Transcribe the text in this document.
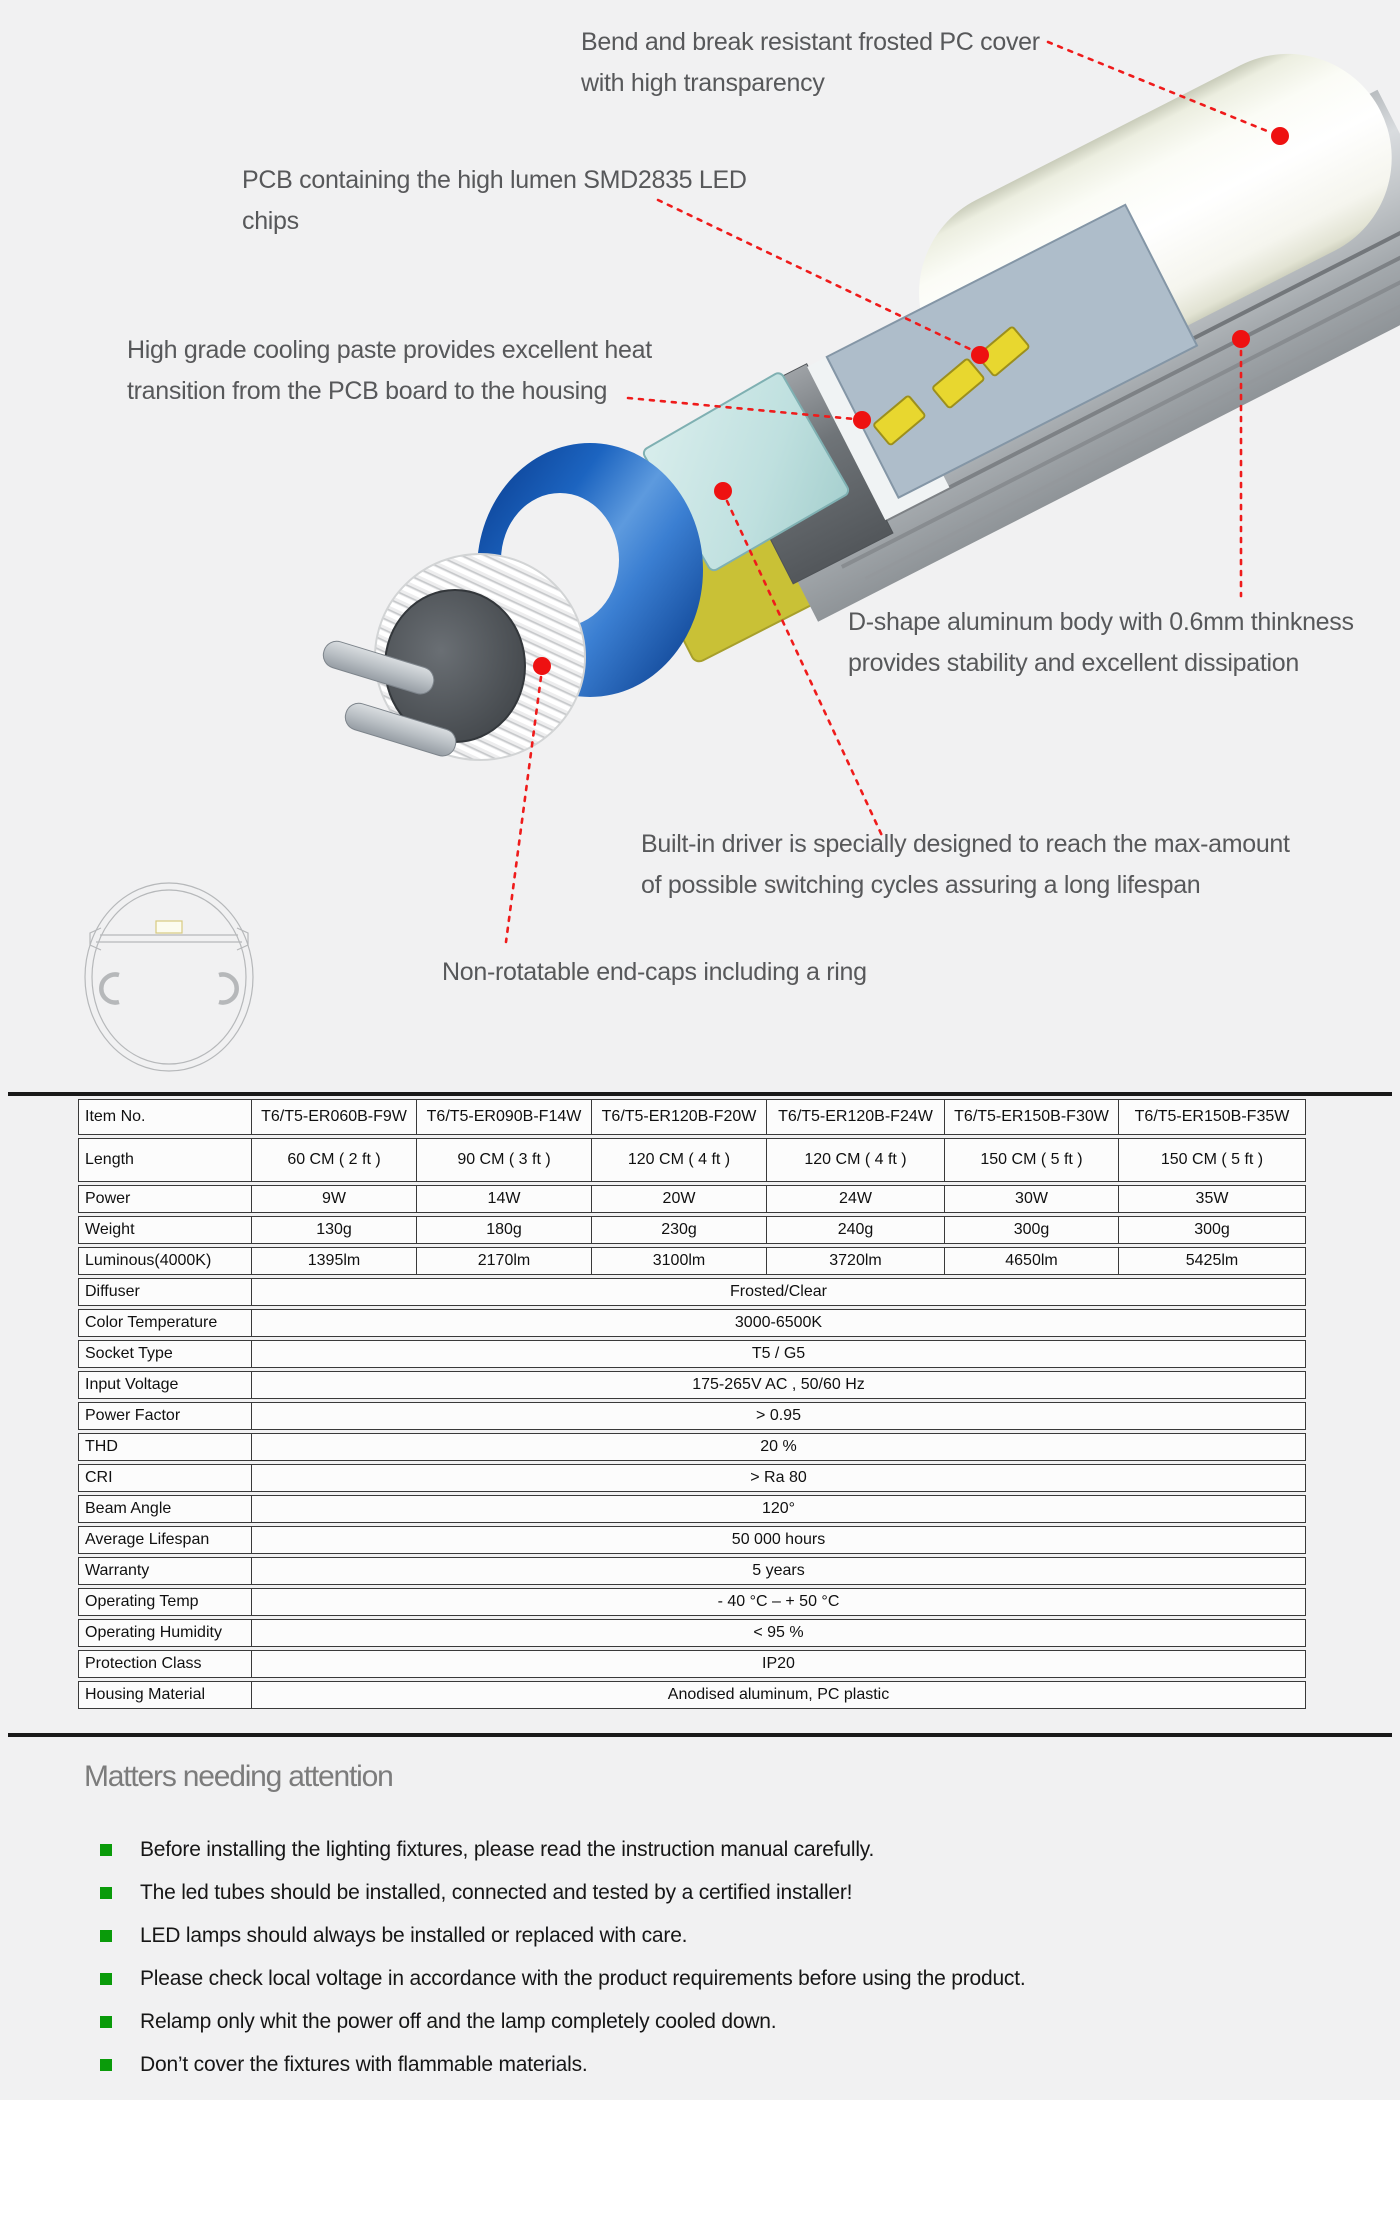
Bend and break resistant frosted PC cover
with high transparency
PCB containing the high lumen SMD2835 LED
chips
High grade cooling paste provides excellent heat
transition from the PCB board to the housing
D-shape aluminum body with 0.6mm thinkness
provides stability and excellent dissipation
Built-in driver is specially designed to reach the max-amount
of possible switching cycles assuring a long lifespan
Non-rotatable end-caps including a ring
Item No.	T6/T5-ER060B-F9W	T6/T5-ER090B-F14W	T6/T5-ER120B-F20W	T6/T5-ER120B-F24W	T6/T5-ER150B-F30W	T6/T5-ER150B-F35W
Length	60 CM ( 2 ft )	90 CM ( 3 ft )	120 CM ( 4 ft )	120 CM ( 4 ft )	150 CM ( 5 ft )	150 CM ( 5 ft )
Power	9W	14W	20W	24W	30W	35W
Weight	130g	180g	230g	240g	300g	300g
Luminous(4000K)	1395lm	2170lm	3100lm	3720lm	4650lm	5425lm
Diffuser	Frosted/Clear					
Color Temperature	3000-6500K					
Socket Type	T5 / G5					
Input Voltage	175-265V AC , 50/60 Hz					
Power Factor	> 0.95					
THD	20 %					
CRI	> Ra 80					
Beam Angle	120°					
Average Lifespan	50 000 hours					
Warranty	5 years					
Operating Temp	- 40 °C – + 50 °C					
Operating Humidity	< 95 %					
Protection Class	IP20					
Housing Material	Anodised aluminum, PC plastic					
Matters needing attention
Before installing the lighting fixtures, please read the instruction manual carefully.
The led tubes should be installed, connected and tested by a certified installer!
LED lamps should always be installed or replaced with care.
Please check local voltage in accordance with the product requirements before using the product.
Relamp only whit the power off and the lamp completely cooled down.
Don’t cover the fixtures with flammable materials.
